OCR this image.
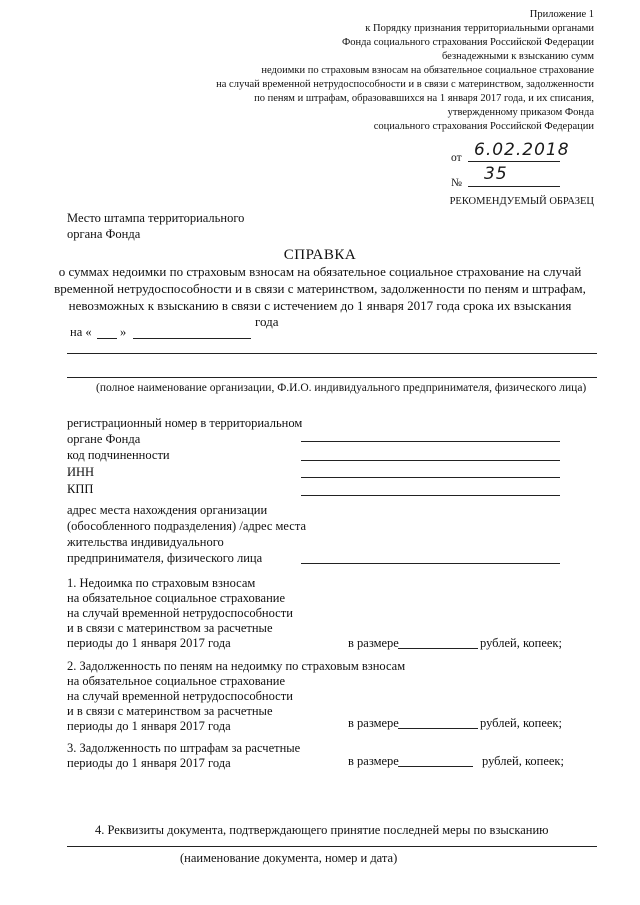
Приложение 1
к Порядку признания территориальными органами
Фонда социального страхования Российской Федерации
безнадежными к взысканию сумм
недоимки по страховым взносам на обязательное социальное страхование
на случай временной нетрудоспособности и в связи с материнством, задолженности
по пеням и штрафам, образовавшихся на 1 января 2017 года, и их списания,
утвержденному приказом Фонда
социального страхования Российской Федерации
от 6.02.2018
№ 35
РЕКОМЕНДУЕМЫЙ ОБРАЗЕЦ
Место штампа территориального
органа Фонда
СПРАВКА
о суммах недоимки по страховым взносам на обязательное социальное страхование на случай
временной нетрудоспособности и в связи с материнством, задолженности по пеням и штрафам,
невозможных к взысканию в связи с истечением до 1 января 2017 года срока их взыскания
года
на « »
(полное наименование организации, Ф.И.О. индивидуального предпринимателя, физического лица)
регистрационный номер в территориальном
органе Фонда
код подчиненности
ИНН
КПП
адрес места нахождения организации
(обособленного подразделения) /адрес места
жительства индивидуального
предпринимателя, физического лица
1. Недоимка по страховым взносам
на обязательное социальное страхование
на случай временной нетрудоспособности
и в связи с материнством за расчетные
периоды до 1 января 2017 года	в размере	рублей, копеек;
2. Задолженность по пеням на недоимку по страховым взносам
на обязательное социальное страхование
на случай временной нетрудоспособности
и в связи с материнством за расчетные
периоды до 1 января 2017 года	в размере	рублей, копеек;
3. Задолженность по штрафам за расчетные
периоды до 1 января 2017 года	в размере	рублей, копеек;
4. Реквизиты документа, подтверждающего принятие последней меры по взысканию
(наименование документа, номер и дата)
